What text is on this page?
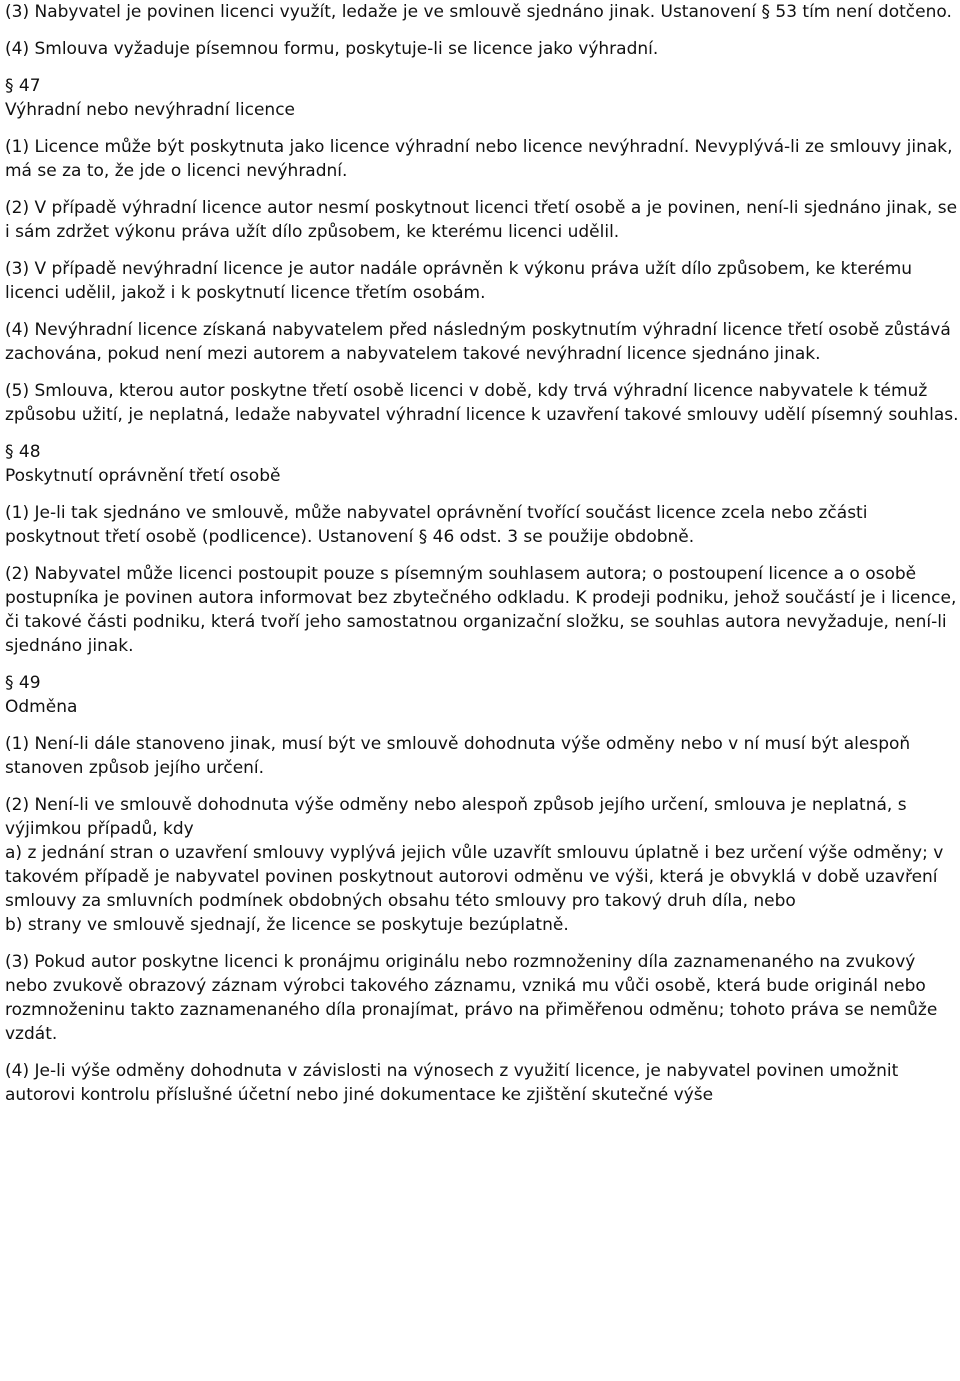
(3) Nabyvatel je povinen licenci využít, ledaže je ve smlouvě sjednáno jinak. Ustanovení § 53 tím není dotčeno.

(4) Smlouva vyžaduje písemnou formu, poskytuje-li se licence jako výhradní.

§ 47
Výhradní nebo nevýhradní licence

(1) Licence může být poskytnuta jako licence výhradní nebo licence nevýhradní. Nevyplývá-li ze smlouvy jinak, má se za to, že jde o licenci nevýhradní.

(2) V případě výhradní licence autor nesmí poskytnout licenci třetí osobě a je povinen, není-li sjednáno jinak, se i sám zdržet výkonu práva užít dílo způsobem, ke kterému licenci udělil.

(3) V případě nevýhradní licence je autor nadále oprávněn k výkonu práva užít dílo způsobem, ke kterému licenci udělil, jakož i k poskytnutí licence třetím osobám.

(4) Nevýhradní licence získaná nabyvatelem před následným poskytnutím výhradní licence třetí osobě zůstává zachována, pokud není mezi autorem a nabyvatelem takové nevýhradní licence sjednáno jinak.

(5) Smlouva, kterou autor poskytne třetí osobě licenci v době, kdy trvá výhradní licence nabyvatele k témuž způsobu užití, je neplatná, ledaže nabyvatel výhradní licence k uzavření takové smlouvy udělí písemný souhlas.

§ 48
Poskytnutí oprávnění třetí osobě

(1) Je-li tak sjednáno ve smlouvě, může nabyvatel oprávnění tvořící součást licence zcela nebo zčásti poskytnout třetí osobě (podlicence). Ustanovení § 46 odst. 3 se použije obdobně.

(2) Nabyvatel může licenci postoupit pouze s písemným souhlasem autora; o postoupení licence a o osobě postupníka je povinen autora informovat bez zbytečného odkladu. K prodeji podniku, jehož součástí je i licence, či takové části podniku, která tvoří jeho samostatnou organizační složku, se souhlas autora nevyžaduje, není-li sjednáno jinak.

§ 49
Odměna

(1) Není-li dále stanoveno jinak, musí být ve smlouvě dohodnuta výše odměny nebo v ní musí být alespoň stanoven způsob jejího určení.

(2) Není-li ve smlouvě dohodnuta výše odměny nebo alespoň způsob jejího určení, smlouva je neplatná, s výjimkou případů, kdy

a) z jednání stran o uzavření smlouvy vyplývá jejich vůle uzavřít smlouvu úplatně i bez určení výše odměny; v takovém případě je nabyvatel povinen poskytnout autorovi odměnu ve výši, která je obvyklá v době uzavření smlouvy za smluvních podmínek obdobných obsahu této smlouvy pro takový druh díla, nebo

b) strany ve smlouvě sjednají, že licence se poskytuje bezúplatně.

(3) Pokud autor poskytne licenci k pronájmu originálu nebo rozmnoženiny díla zaznamenaného na zvukový nebo zvukově obrazový záznam výrobci takového záznamu, vzniká mu vůči osobě, která bude originál nebo rozmnoženinu takto zaznamenaného díla pronajímat, právo na přiměřenou odměnu; tohoto práva se nemůže vzdát.

(4) Je-li výše odměny dohodnuta v závislosti na výnosech z využití licence, je nabyvatel povinen umožnit autorovi kontrolu příslušné účetní nebo jiné dokumentace ke zjištění skutečné výše
